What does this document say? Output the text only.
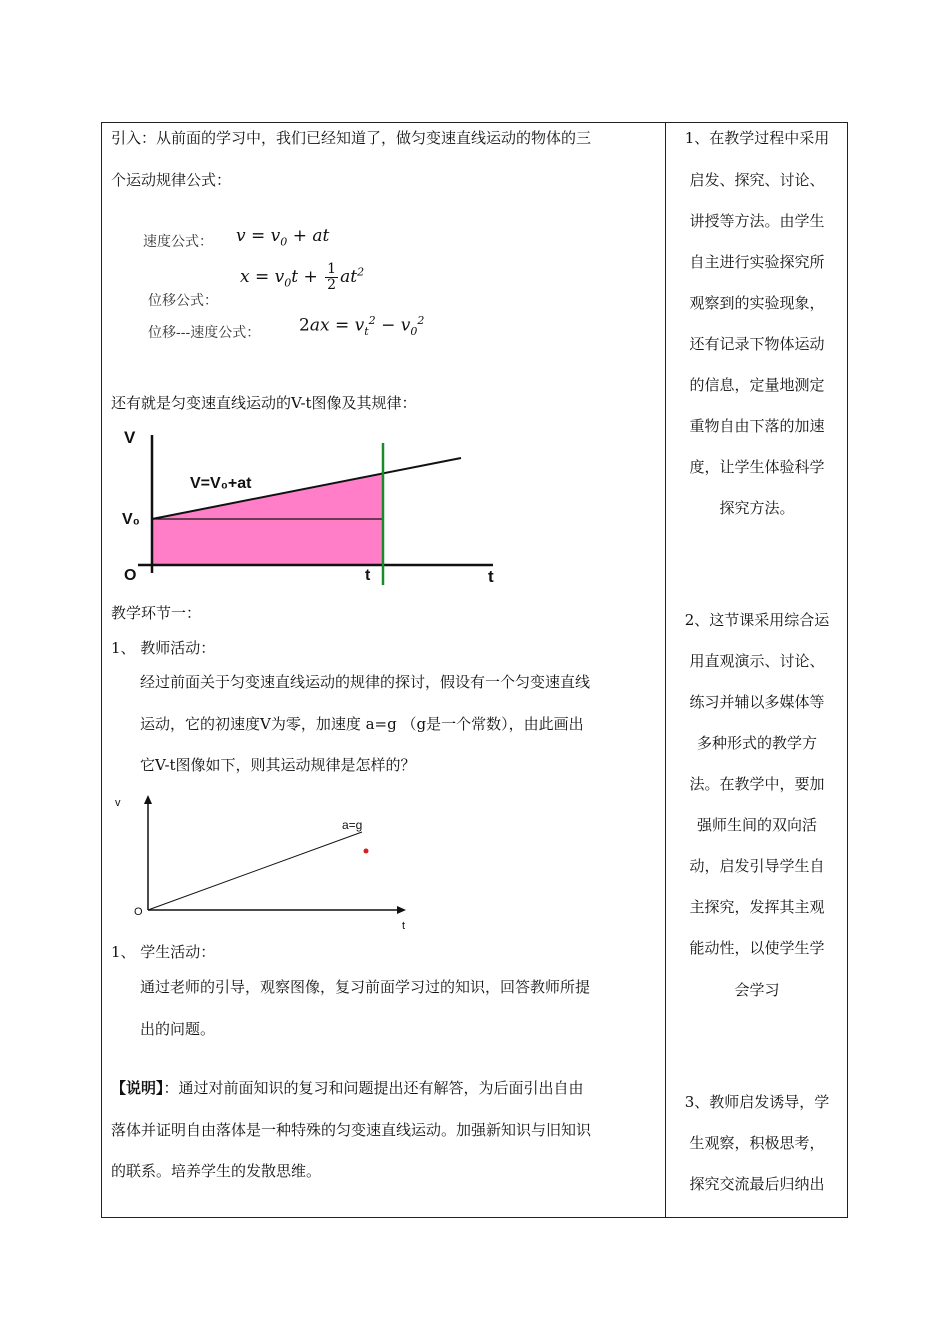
引入：从前面的学习中，我们已经知道了，做匀变速直线运动的物体的三
个运动规律公式：
速度公式： $v = v_0$ + at
位移公式：
$x = v_0t + \frac{1}{2} at^2$
位移---速度公式： $2ax = v_t^2 - v_0^2$
还有就是匀变速直线运动的V-t图像及其规律：
V
V₀
O	t	t
V=V₀+at
教学环节一：
1、 教师活动：
经过前面关于匀变速直线运动的规律的探讨，假设有一个匀变速直线
运动，它的初速度V为零，加速度 a=g （g是一个常数），由此画出
它V-t图像如下，则其运动规律是怎样的？
v
O
t
a=g
1、 学生活动：
通过老师的引导，观察图像，复习前面学习过的知识，回答教师所提
出的问题。
【说明】：通过对前面知识的复习和问题提出还有解答，为后面引出自由
落体并证明自由落体是一种特殊的匀变速直线运动。加强新知识与旧知识
的联系。培养学生的发散思维。
1、在教学过程中采用
启发、探究、讨论、
讲授等方法。由学生
自主进行实验探究所
观察到的实验现象，
还有记录下物体运动
的信息，定量地测定
重物自由下落的加速
度，让学生体验科学
探究方法。
2、这节课采用综合运
用直观演示、讨论、
练习并辅以多媒体等
多种形式的教学方
法。在教学中，要加
强师生间的双向活
动，启发引导学生自
主探究，发挥其主观
能动性，以使学生学
会学习
3、教师启发诱导，学
生观察，积极思考，
探究交流最后归纳出
